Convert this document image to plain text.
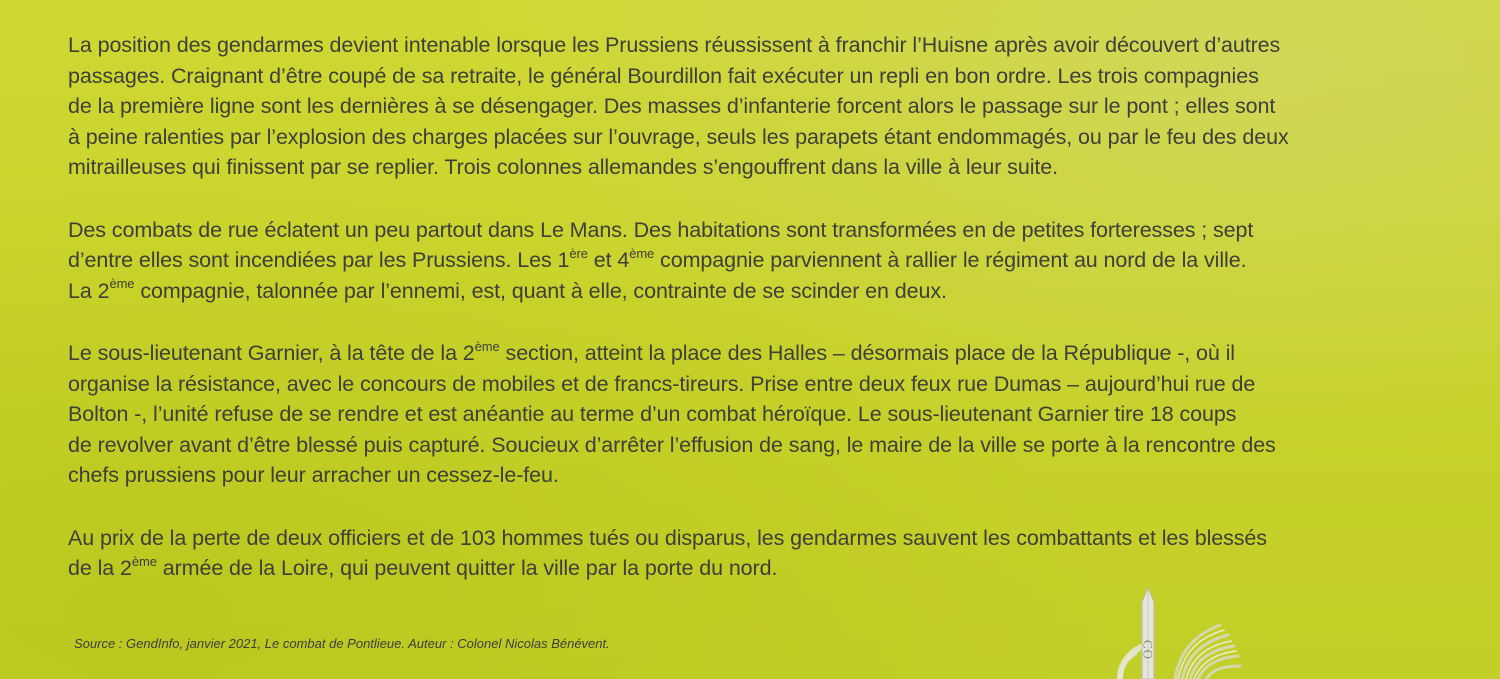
La position des gendarmes devient intenable lorsque les Prussiens réussissent à franchir l’Huisne après avoir découvert d’autres
passages. Craignant d’être coupé de sa retraite, le général Bourdillon fait exécuter un repli en bon ordre. Les trois compagnies
de la première ligne sont les dernières à se désengager. Des masses d’infanterie forcent alors le passage sur le pont ; elles sont
à peine ralenties par l’explosion des charges placées sur l’ouvrage, seuls les parapets étant endommagés, ou par le feu des deux
mitrailleuses qui finissent par se replier. Trois colonnes allemandes s’engouffrent dans la ville à leur suite.

Des combats de rue éclatent un peu partout dans Le Mans. Des habitations sont transformées en de petites forteresses ; sept
d’entre elles sont incendiées par les Prussiens. Les 1ère et 4ème compagnie parviennent à rallier le régiment au nord de la ville.
La 2ème compagnie, talonnée par l’ennemi, est, quant à elle, contrainte de se scinder en deux.

Le sous-lieutenant Garnier, à la tête de la 2ème section, atteint la place des Halles – désormais place de la République -, où il
organise la résistance, avec le concours de mobiles et de francs-tireurs. Prise entre deux feux rue Dumas – aujourd’hui rue de
Bolton -, l’unité refuse de se rendre et est anéantie au terme d’un combat héroïque. Le sous-lieutenant Garnier tire 18 coups
de revolver avant d’être blessé puis capturé. Soucieux d’arrêter l’effusion de sang, le maire de la ville se porte à la rencontre des
chefs prussiens pour leur arracher un cessez-le-feu.

Au prix de la perte de deux officiers et de 103 hommes tués ou disparus, les gendarmes sauvent les combattants et les blessés
de la 2ème armée de la Loire, qui peuvent quitter la ville par la porte du nord.

Source : GendInfo, janvier 2021, Le combat de Pontlieue. Auteur : Colonel Nicolas Bénévent.	CO
